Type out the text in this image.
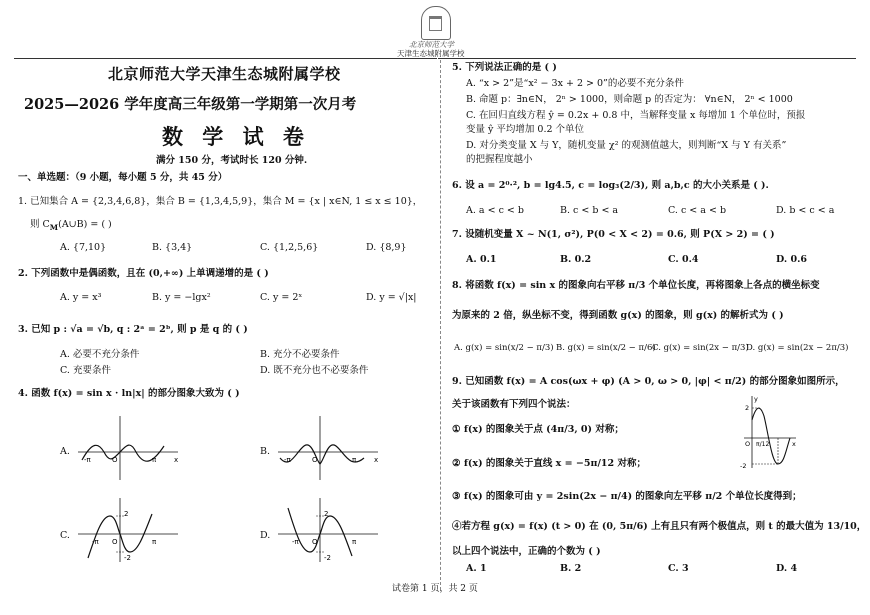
北京师范大学
天津生态城附属学校
北京师范大学天津生态城附属学校
2025—2026 学年度高三年级第一学期第一次月考
数 学 试 卷
满分 150 分，考试时长 120 分钟.
一、单选题：（9 小题，每小题 5 分，共 45 分）
1. 已知集合 A = {2,3,4,6,8}，集合 B = {1,3,4,5,9}，集合 M = {x | x∈N, 1 ≤ x ≤ 10}，
则 $C_M(A\cup B)$ = ( )
A. {7,10}	B. {3,4}	C. {1,2,5,6}	D. {8,9}
2. 下列函数中是偶函数，且在 (0,+∞) 上单调递增的是 ( )
A. y = x³	B. y = −lgx²	C. y = 2ˣ	D. y = √|x|
3. 已知 p : √a = √b, q : 2ᵃ = 2ᵇ, 则 p 是 q 的 ( )
A. 必要不充分条件	B. 充分不必要条件
C. 充要条件	D. 既不充分也不必要条件
4. 函数 f(x) = sin x · ln|x| 的部分图象大致为 ( )
A.	B.
C.	D.
-π	O	π	x	-π	O	π	x
2
-π O	π
-2
2
-π O	π
-2
5. 下列说法正确的是 ( )
A. “x > 2”是“x² − 3x + 2 > 0”的必要不充分条件
B. 命题 p：∃n∈N， 2ⁿ > 1000，则命题 p 的否定为： ∀n∈N， 2ⁿ < 1000
C. 在回归直线方程 ŷ = 0.2x + 0.8 中，当解释变量 x 每增加 1 个单位时，预报
变量 ŷ 平均增加 0.2 个单位
D. 对分类变量 X 与 Y，随机变量 χ² 的观测值越大，则判断“X 与 Y 有关系”
的把握程度越小
6. 设 a = 2⁰·², b = lg4.5, c = log₃(2/3), 则 a,b,c 的大小关系是 ( ).
A. a < c < b	B. c < b < a	C. c < a < b	D. b < c < a
7. 设随机变量 X ~ N(1, σ²), P(0 < X < 2) = 0.6, 则 P(X > 2) = ( )
A. 0.1	B. 0.2	C. 0.4	D. 0.6
8. 将函数 f(x) = sin x 的图象向右平移 π/3 个单位长度，再将图象上各点的横坐标变
为原来的 2 倍，纵坐标不变，得到函数 g(x) 的图象，则 g(x) 的解析式为 ( )
A. g(x) = sin(x/2 − π/3) B. g(x) = sin(x/2 − π/6)
C. g(x) = sin(2x − π/3)
D. g(x) = sin(2x − 2π/3)
9. 已知函数 f(x) = A cos(ωx + φ) (A > 0, ω > 0, |φ| < π/2) 的部分图象如图所示，
关于该函数有下列四个说法：
① f(x) 的图象关于点 (4π/3, 0) 对称；
② f(x) 的图象关于直线 x = −5π/12 对称；
③ f(x) 的图象可由 y = 2sin(2x − π/4) 的图象向左平移 π/2 个单位长度得到；
④若方程 g(x) = f(x) (t > 0) 在 (0, 5π/6) 上有且只有两个极值点，则 t 的最大值为 13/10，
以上四个说法中，正确的个数为 ( )
A. 1	B. 2	C. 3	D. 4
y
2
O π/12	x
-2
试卷第 1 页，共 2 页
